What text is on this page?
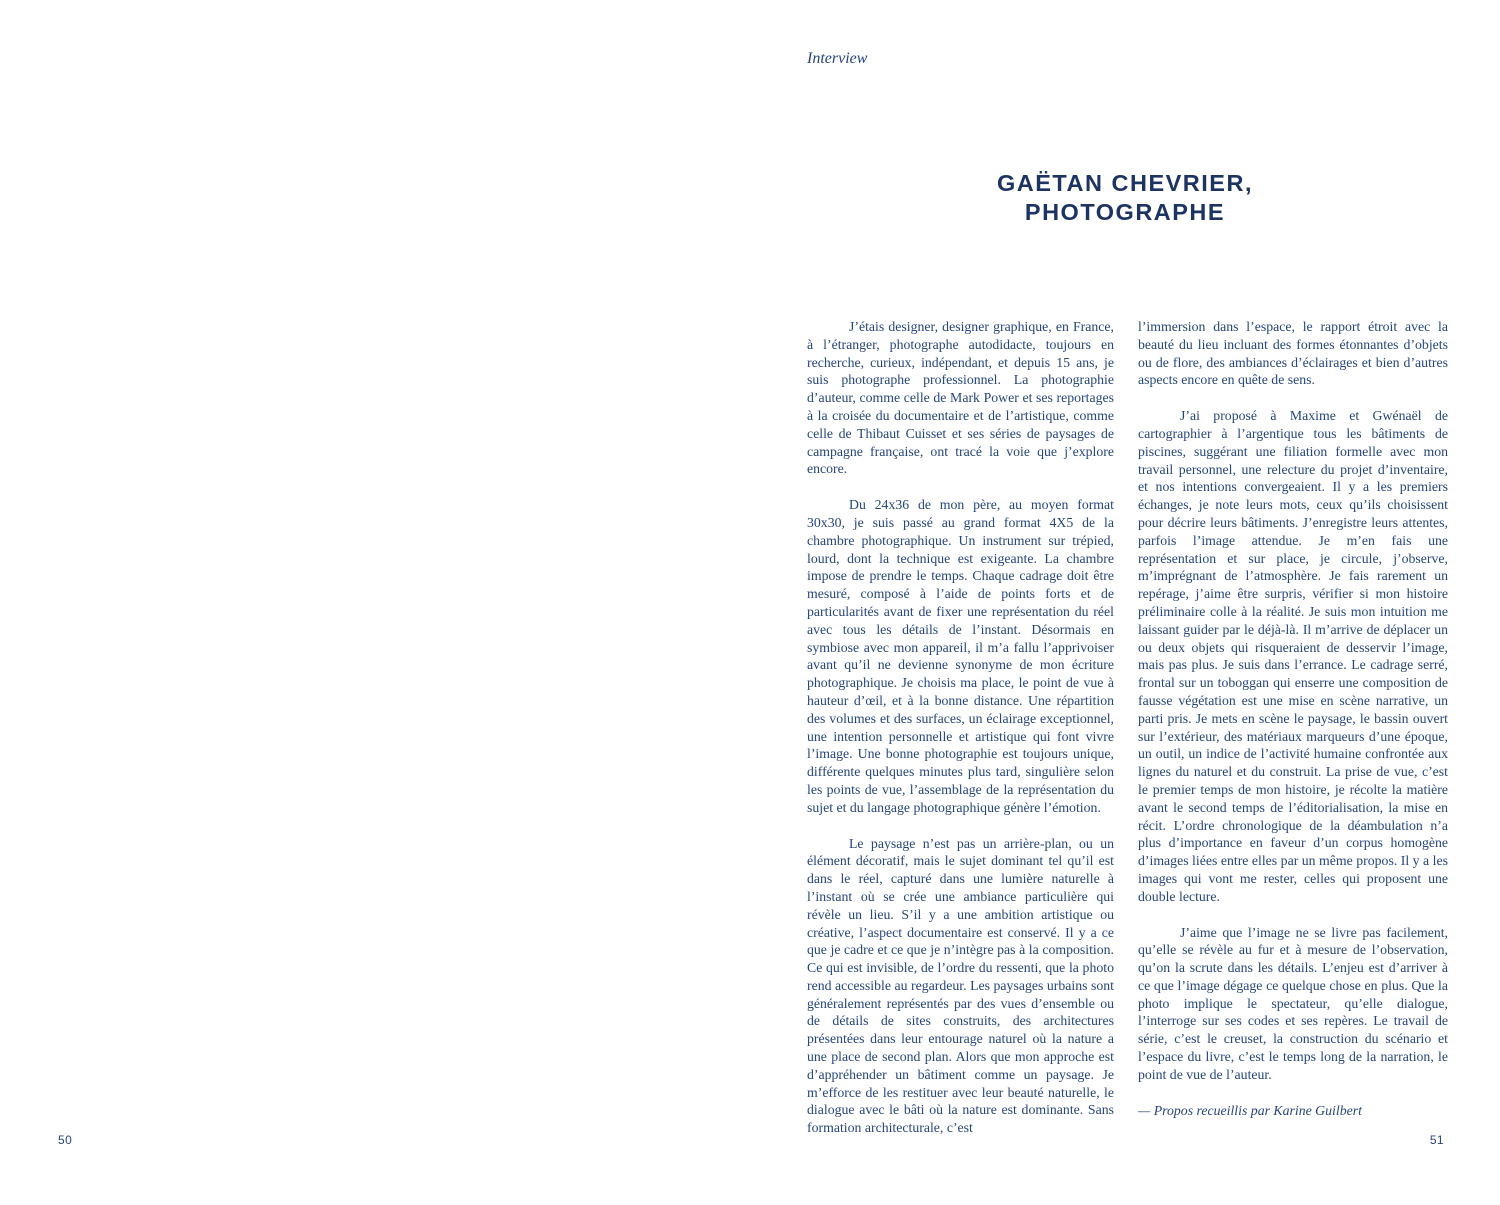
Interview
GAËTAN CHEVRIER,
PHOTOGRAPHE

J’étais designer, designer graphique, en France, à l’étranger, photographe autodidacte, toujours en recherche, curieux, indépendant, et depuis 15 ans, je suis photographe professionnel. La photographie d’auteur, comme celle de Mark Power et ses reportages à la croisée du documentaire et de l’artistique, comme celle de Thibaut Cuisset et ses séries de paysages de campagne française, ont tracé la voie que j’explore encore.

Du 24x36 de mon père, au moyen format 30x30, je suis passé au grand format 4X5 de la chambre photographique. Un instrument sur trépied, lourd, dont la technique est exigeante. La chambre impose de prendre le temps. Chaque cadrage doit être mesuré, composé à l’aide de points forts et de particularités avant de fixer une représentation du réel avec tous les détails de l’instant. Désormais en symbiose avec mon appareil, il m’a fallu l’apprivoiser avant qu’il ne devienne synonyme de mon écriture photographique. Je choisis ma place, le point de vue à hauteur d’œil, et à la bonne distance. Une répartition des volumes et des surfaces, un éclairage exceptionnel, une intention personnelle et artistique qui font vivre l’image. Une bonne photographie est toujours unique, différente quelques minutes plus tard, singulière selon les points de vue, l’assemblage de la représentation du sujet et du langage photographique génère l’émotion.

Le paysage n’est pas un arrière-plan, ou un élément décoratif, mais le sujet dominant tel qu’il est dans le réel, capturé dans une lumière naturelle à l’instant où se crée une ambiance particulière qui révèle un lieu. S’il y a une ambition artistique ou créative, l’aspect documentaire est conservé. Il y a ce que je cadre et ce que je n’intègre pas à la composition. Ce qui est invisible, de l’ordre du ressenti, que la photo rend accessible au regardeur. Les paysages urbains sont généralement représentés par des vues d’ensemble ou de détails de sites construits, des architectures présentées dans leur entourage naturel où la nature a une place de second plan. Alors que mon approche est d’appréhender un bâtiment comme un paysage. Je m’efforce de les restituer avec leur beauté naturelle, le dialogue avec le bâti où la nature est dominante. Sans formation architecturale, c’est

l’immersion dans l’espace, le rapport étroit avec la beauté du lieu incluant des formes étonnantes d’objets ou de flore, des ambiances d’éclairages et bien d’autres aspects encore en quête de sens.

J’ai proposé à Maxime et Gwénaël de cartographier à l’argentique tous les bâtiments de piscines, suggérant une filiation formelle avec mon travail personnel, une relecture du projet d’inventaire, et nos intentions convergeaient. Il y a les premiers échanges, je note leurs mots, ceux qu’ils choisissent pour décrire leurs bâtiments. J’enregistre leurs attentes, parfois l’image attendue. Je m’en fais une représentation et sur place, je circule, j’observe, m’imprégnant de l’atmosphère. Je fais rarement un repérage, j’aime être surpris, vérifier si mon histoire préliminaire colle à la réalité. Je suis mon intuition me laissant guider par le déjà-là. Il m’arrive de déplacer un ou deux objets qui risqueraient de desservir l’image, mais pas plus. Je suis dans l’errance. Le cadrage serré, frontal sur un toboggan qui enserre une composition de fausse végétation est une mise en scène narrative, un parti pris. Je mets en scène le paysage, le bassin ouvert sur l’extérieur, des matériaux marqueurs d’une époque, un outil, un indice de l’activité humaine confrontée aux lignes du naturel et du construit. La prise de vue, c’est le premier temps de mon histoire, je récolte la matière avant le second temps de l’éditorialisation, la mise en récit. L’ordre chronologique de la déambulation n’a plus d’importance en faveur d’un corpus homogène d’images liées entre elles par un même propos. Il y a les images qui vont me rester, celles qui proposent une double lecture.

J’aime que l’image ne se livre pas facilement, qu’elle se révèle au fur et à mesure de l’observation, qu’on la scrute dans les détails. L’enjeu est d’arriver à ce que l’image dégage ce quelque chose en plus. Que la photo implique le spectateur, qu’elle dialogue, l’interroge sur ses codes et ses repères. Le travail de série, c’est le creuset, la construction du scénario et l’espace du livre, c’est le temps long de la narration, le point de vue de l’auteur.

— Propos recueillis par Karine Guilbert

50	51
